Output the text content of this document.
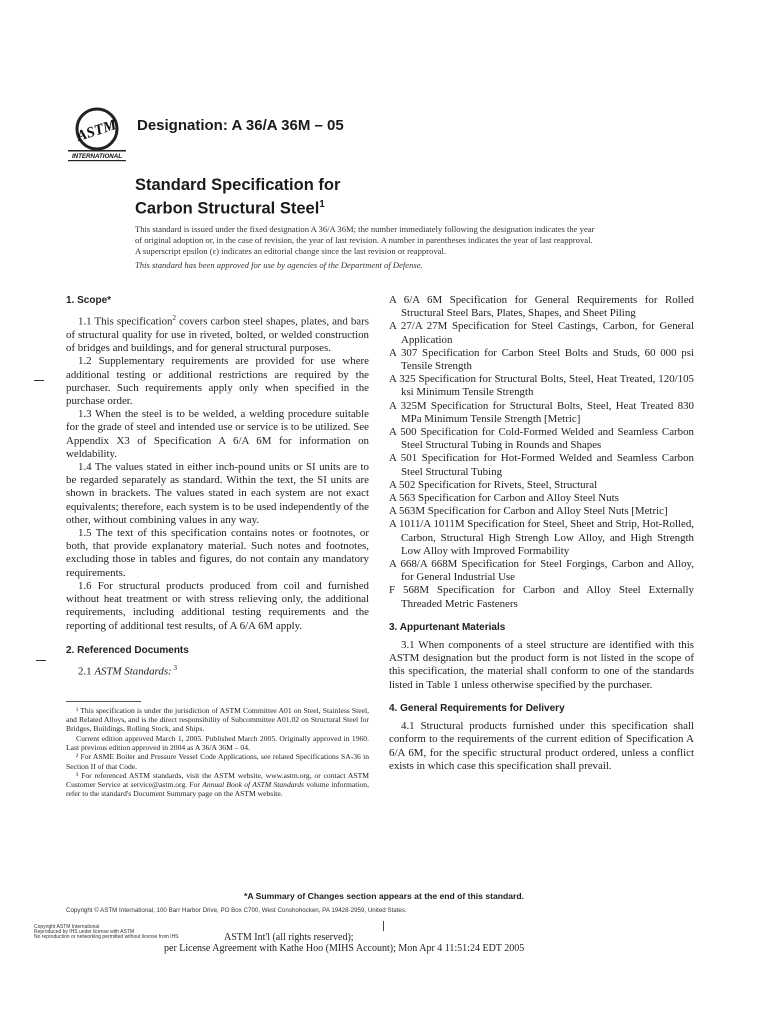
ASTM
INTERNATIONAL
Designation: A 36/A 36M – 05
Standard Specification for
Carbon Structural Steel$^1$

This standard is issued under the fixed designation A 36/A 36M; the number immediately following the designation indicates the year

of original adoption or, in the case of revision, the year of last revision. A number in parentheses indicates the year of last reapproval.

A superscript epsilon (ε) indicates an editorial change since the last revision or reapproval.

This standard has been approved for use by agencies of the Department of Defense.

1. Scope*

1.1 This specification$^2$ covers carbon steel shapes, plates, and bars of structural quality for use in riveted, bolted, or welded construction of bridges and buildings, and for general structural purposes.

1.2 Supplementary requirements are provided for use where additional testing or additional restrictions are required by the purchaser. Such requirements apply only when specified in the purchase order.

1.3 When the steel is to be welded, a welding procedure suitable for the grade of steel and intended use or service is to be utilized. See Appendix X3 of Specification A 6/A 6M for information on weldability.

1.4 The values stated in either inch-pound units or SI units are to be regarded separately as standard. Within the text, the SI units are shown in brackets. The values stated in each system are not exact equivalents; therefore, each system is to be used independently of the other, without combining values in any way.

1.5 The text of this specification contains notes or footnotes, or both, that provide explanatory material. Such notes and footnotes, excluding those in tables and figures, do not contain any mandatory requirements.

1.6 For structural products produced from coil and furnished without heat treatment or with stress relieving only, the additional requirements, including additional testing requirements and the reporting of additional test results, of A 6/A 6M apply.

2. Referenced Documents

2.1 ASTM Standards: $^3$

¹ This specification is under the jurisdiction of ASTM Committee A01 on Steel, Stainless Steel, and Related Alloys, and is the direct responsibility of Subcommittee A01.02 on Structural Steel for Bridges, Buildings, Rolling Stock, and Ships.

Current edition approved March 1, 2005. Published March 2005. Originally approved in 1960. Last previous edition approved in 2004 as A 36/A 36M – 04.

² For ASME Boiler and Pressure Vessel Code Applications, see related Specifications SA-36 in Section II of that Code.

³ For referenced ASTM standards, visit the ASTM website, www.astm.org, or contact ASTM Customer Service at service@astm.org. For Annual Book of ASTM Standards volume information, refer to the standard's Document Summary page on the ASTM website.

A 6/A 6M Specification for General Requirements for Rolled Structural Steel Bars, Plates, Shapes, and Sheet Piling

A 27/A 27M Specification for Steel Castings, Carbon, for General Application

A 307 Specification for Carbon Steel Bolts and Studs, 60 000 psi Tensile Strength

A 325 Specification for Structural Bolts, Steel, Heat Treated, 120/105 ksi Minimum Tensile Strength

A 325M Specification for Structural Bolts, Steel, Heat Treated 830 MPa Minimum Tensile Strength [Metric]

A 500 Specification for Cold-Formed Welded and Seamless Carbon Steel Structural Tubing in Rounds and Shapes

A 501 Specification for Hot-Formed Welded and Seamless Carbon Steel Structural Tubing

A 502 Specification for Rivets, Steel, Structural

A 563 Specification for Carbon and Alloy Steel Nuts

A 563M Specification for Carbon and Alloy Steel Nuts [Metric]

A 1011/A 1011M Specification for Steel, Sheet and Strip, Hot-Rolled, Carbon, Structural High Strengh Low Alloy, and High Strength Low Alloy with Improved Formability

A 668/A 668M Specification for Steel Forgings, Carbon and Alloy, for General Industrial Use

F 568M Specification for Carbon and Alloy Steel Externally Threaded Metric Fasteners

3. Appurtenant Materials

3.1 When components of a steel structure are identified with this ASTM designation but the product form is not listed in the scope of this specification, the material shall conform to one of the standards listed in Table 1 unless otherwise specified by the purchaser.

4. General Requirements for Delivery

4.1 Structural products furnished under this specification shall conform to the requirements of the current edition of Specification A 6/A 6M, for the specific structural product ordered, unless a conflict exists in which case this specification shall prevail.

*A Summary of Changes section appears at the end of this standard.
Copyright © ASTM International, 100 Barr Harbor Drive, PO Box C700, West Conshohocken, PA 19428-2959, United States.
Copyright ASTM International
Reproduced by IHS under license with ASTM
No reproduction or networking permitted without license from IHS	ASTM Int'l (all rights reserved);
per License Agreement with Kathe Hoo (MIHS Account); Mon Apr 4 11:51:24 EDT 2005
